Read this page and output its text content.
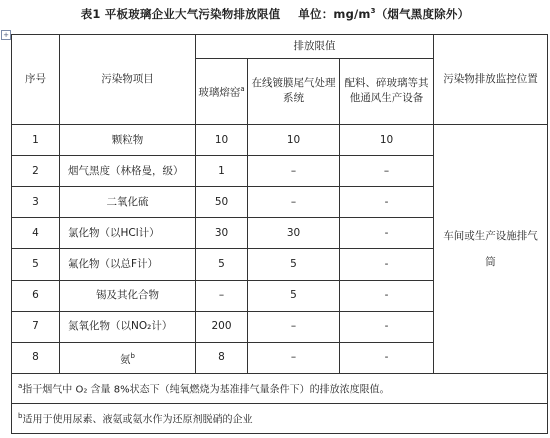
表1 平板玻璃企业大气污染物排放限值 单位：$mg/m^3$（烟气黑度除外）
+
序号	污染物项目	排放限值			污染物排放监控位置
		玻璃熔窑$^a$	在线镀膜尾气处理系统	配料、碎玻璃等其他通风生产设备	
1	颗粒物	10	10	10	车间或生产设施排气筒
2	烟气黑度（林格曼，级）	1	–	–	
3	二氧化硫	50	–	-	
4	氯化物（以HCl计）	30	30	-	
5	氟化物（以总F计）	5	5	-	
6	锡及其化合物	–	5	-	
7	氮氧化物（以NO₂计）	200	–	-	
8	氨$^b$	8	–	-	
$^a$指干烟气中 O₂ 含量 8%状态下（纯氧燃烧为基准排气量条件下）的排放浓度限值。					
$^b$适用于使用尿素、液氨或氨水作为还原剂脱硝的企业					
